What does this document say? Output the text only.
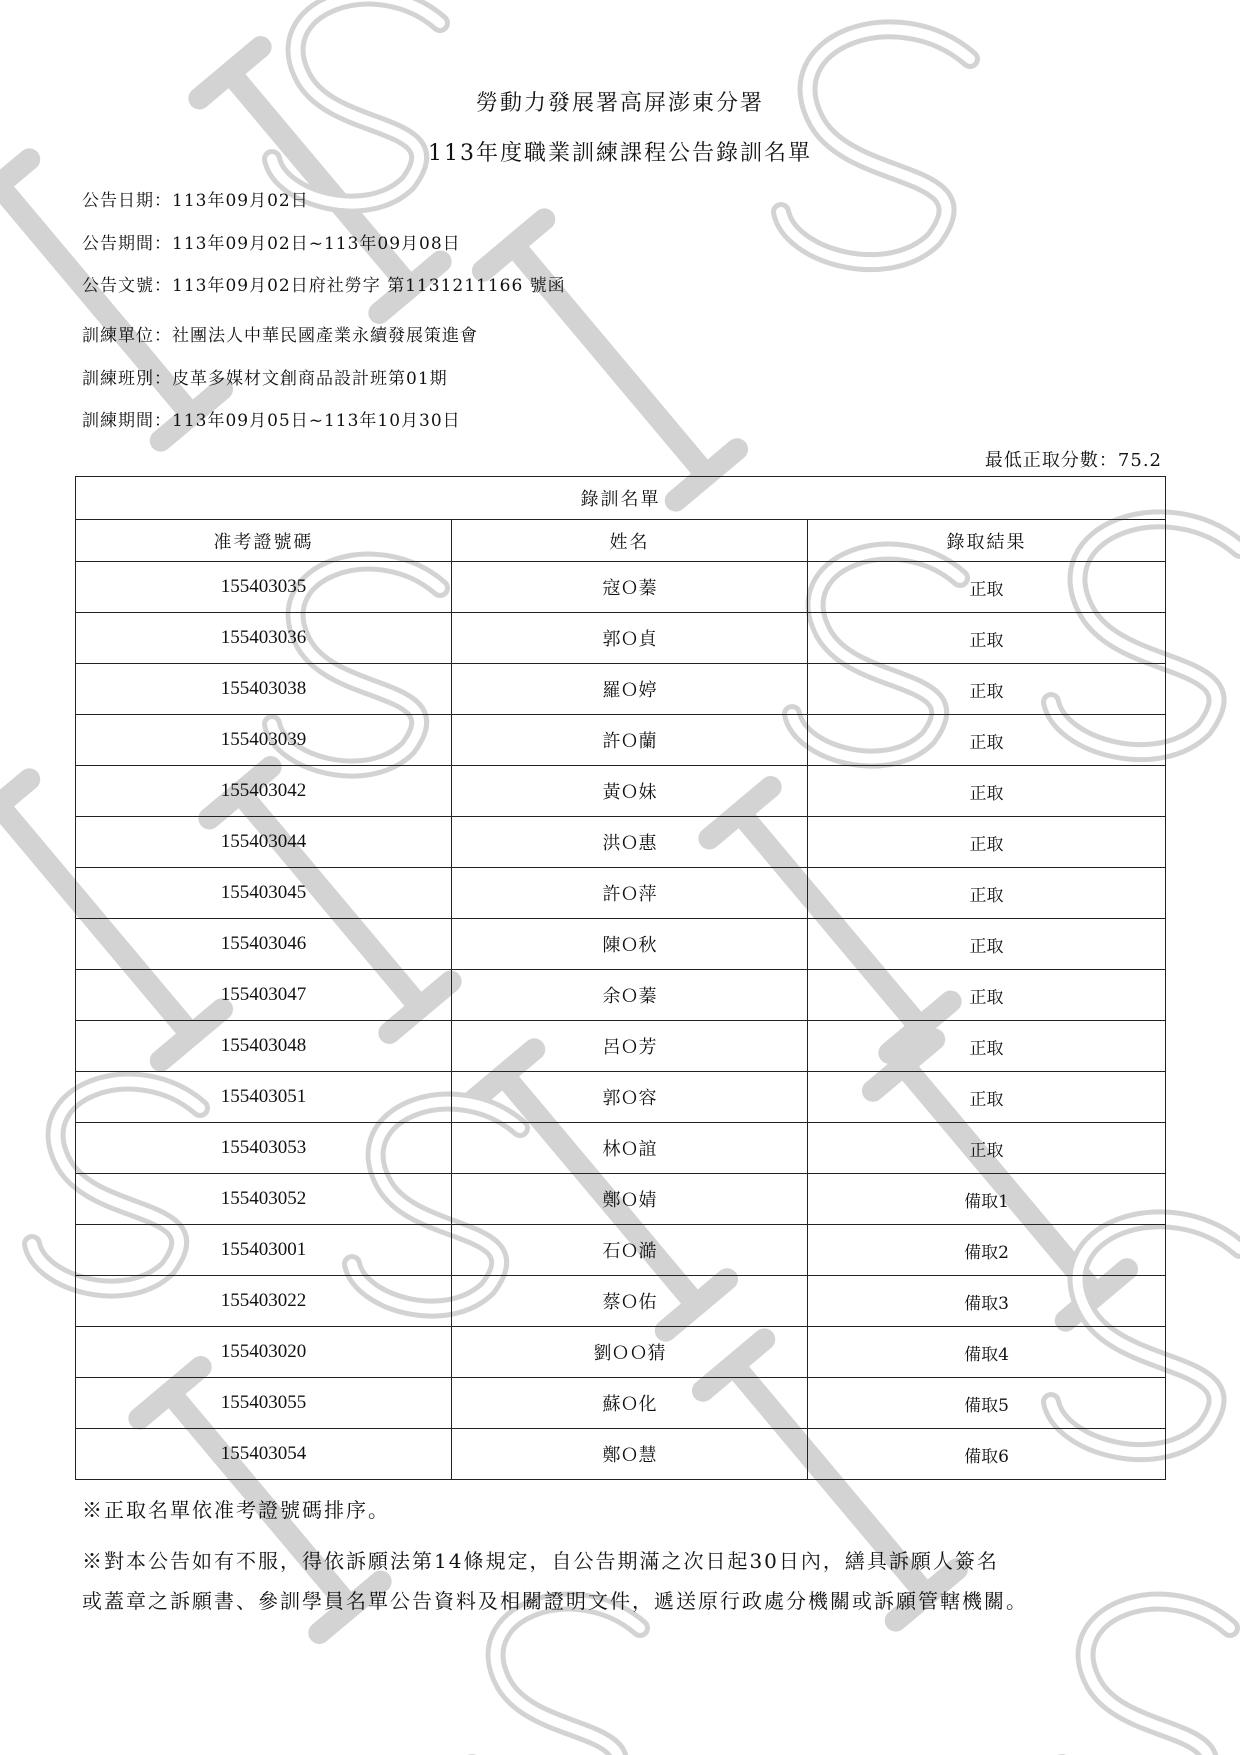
勞動力發展署高屏澎東分署
113年度職業訓練課程公告錄訓名單
公告日期 ： 113年09月02日
公告期間 ： 113年09月02日~113年09月08日
公告文號 ： 113年09月02日府社勞字 第1131211166 號函
訓練單位 ： 社團法人中華民國產業永續發展策進會
訓練班別 ： 皮革多媒材文創商品設計班第01期
訓練期間 ： 113年09月05日~113年10月30日
最低正取分數 ： 75.2
錄訓名單		
准考證號碼	姓名	錄取結果
155403035	寇Ｏ蓁	正取
155403036	郭Ｏ貞	正取
155403038	羅Ｏ婷	正取
155403039	許Ｏ蘭	正取
155403042	黃Ｏ妹	正取
155403044	洪Ｏ惠	正取
155403045	許Ｏ萍	正取
155403046	陳Ｏ秋	正取
155403047	余Ｏ蓁	正取
155403048	呂Ｏ芳	正取
155403051	郭Ｏ容	正取
155403053	林Ｏ誼	正取
155403052	鄭Ｏ婧	備取1
155403001	石Ｏ澔	備取2
155403022	蔡Ｏ佑	備取3
155403020	劉ＯＯ猜	備取4
155403055	蘇Ｏ化	備取5
155403054	鄭Ｏ慧	備取6
※正取名單依准考證號碼排序。
※對本公告如有不服，得依訴願法第14條規定，自公告期滿之次日起30日內，繕具訴願人簽名
或蓋章之訴願書、參訓學員名單公告資料及相關證明文件，遞送原行政處分機關或訴願管轄機關。
